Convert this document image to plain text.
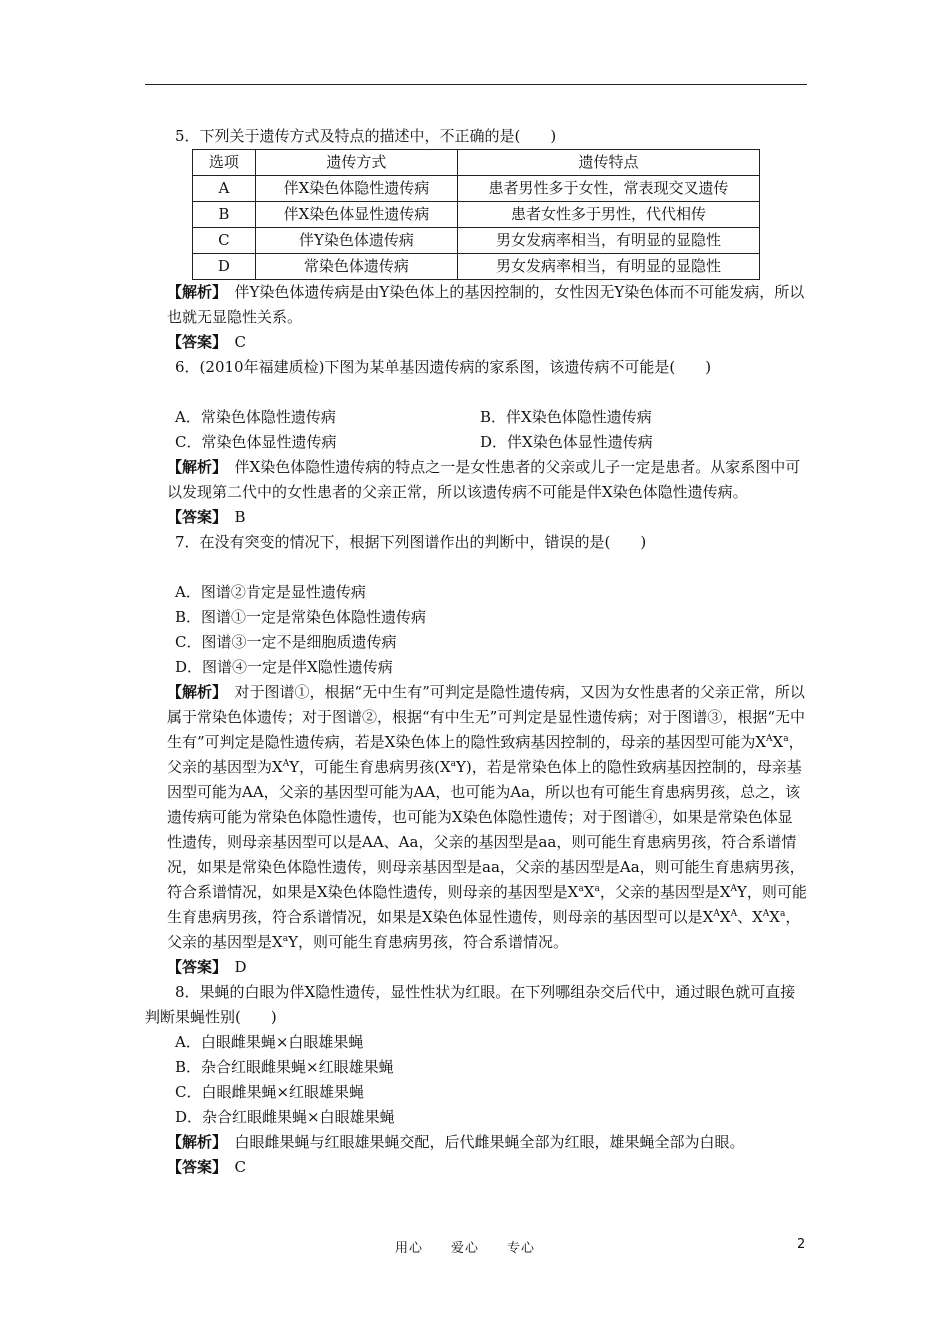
5．下列关于遗传方式及特点的描述中，不正确的是(　　)

选项	遗传方式	遗传特点
A	伴X染色体隐性遗传病	患者男性多于女性，常表现交叉遗传
B	伴X染色体显性遗传病	患者女性多于男性，代代相传
C	伴Y染色体遗传病	男女发病率相当，有明显的显隐性
D	常染色体遗传病	男女发病率相当，有明显的显隐性

【解析】　 伴Y染色体遗传病是由Y染色体上的基因控制的，女性因无Y染色体而不可能发病，所以也就无显隐性关系。

【答案】　 C

6．(2010年福建质检)下图为某单基因遗传病的家系图，该遗传病不可能是(　　)

A．常染色体隐性遗传病	B．伴X染色体隐性遗传病
C．常染色体显性遗传病	D．伴X染色体显性遗传病

【解析】　 伴X染色体隐性遗传病的特点之一是女性患者的父亲或儿子一定是患者。从家系图中可以发现第二代中的女性患者的父亲正常，所以该遗传病不可能是伴X染色体隐性遗传病。

【答案】　 B

7．在没有突变的情况下，根据下列图谱作出的判断中，错误的是(　　)

A．图谱②肯定是显性遗传病

B．图谱①一定是常染色体隐性遗传病

C．图谱③一定不是细胞质遗传病

D．图谱④一定是伴X隐性遗传病

【解析】　 对于图谱①，根据“无中生有”可判定是隐性遗传病，又因为女性患者的父亲正常，所以属于常染色体遗传；对于图谱②，根据“有中生无”可判定是显性遗传病；对于图谱③，根据“无中生有”可判定是隐性遗传病，若是X染色体上的隐性致病基因控制的，母亲的基因型可能为$X^AX^a$，父亲的基因型为$X^AY$，可能生育患病男孩$(X^aY)$，若是常染色体上的隐性致病基因控制的，母亲基因型可能为AA，父亲的基因型可能为AA，也可能为Aa，所以也有可能生育患病男孩，总之，该遗传病可能为常染色体隐性遗传，也可能为X染色体隐性遗传；对于图谱④，如果是常染色体显性遗传，则母亲基因型可以是AA、Aa，父亲的基因型是aa，则可能生育患病男孩，符合系谱情况，如果是常染色体隐性遗传，则母亲基因型是aa，父亲的基因型是Aa，则可能生育患病男孩，符合系谱情况，如果是X染色体隐性遗传，则母亲的基因型是$X^aX^a$，父亲的基因型是$X^AY$，则可能生育患病男孩，符合系谱情况，如果是X染色体显性遗传，则母亲的基因型可以是$X^AX^A$、$X^AX^a$，父亲的基因型是$X^aY$，则可能生育患病男孩，符合系谱情况。

【答案】　 D

8．果蝇的白眼为伴X隐性遗传，显性性状为红眼。在下列哪组杂交后代中，通过眼色就可直接判断果蝇性别(　　)

A．白眼雌果蝇×白眼雄果蝇

B．杂合红眼雌果蝇×红眼雄果蝇

C．白眼雌果蝇×红眼雄果蝇

D．杂合红眼雌果蝇×白眼雄果蝇

【解析】　 白眼雌果蝇与红眼雄果蝇交配，后代雌果蝇全部为红眼，雄果蝇全部为白眼。

【答案】　 C

用心　　爱心　　专心	2
